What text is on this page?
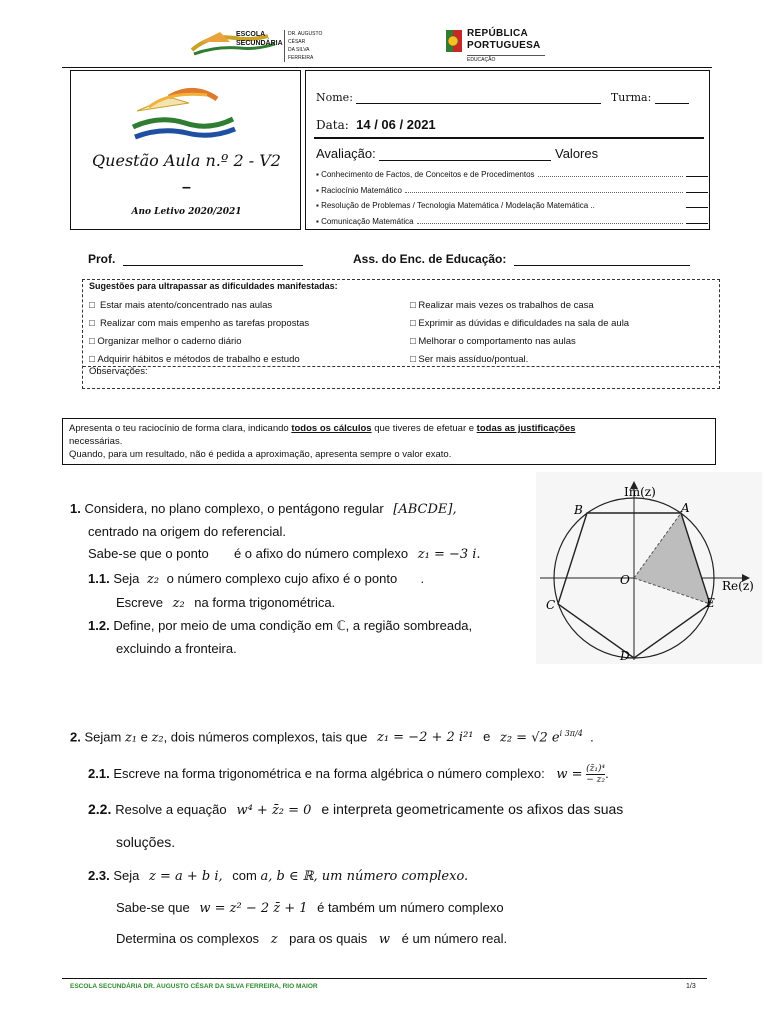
ESCOLA
SECUNDÁRIA
DR. AUGUSTO CÉSAR
DA SILVA FERREIRA
REPÚBLICA
PORTUGUESA
EDUCAÇÃO
Questão Aula n.º 2 - V2
–
Ano Letivo 2020/2021
Nome:	Turma:
Data: 14 / 06 / 2021
Avaliação:	Valores
▪ Conhecimento de Factos, de Conceitos e de Procedimentos
▪ Raciocínio Matemático
▪ Resolução de Problemas / Tecnologia Matemática / Modelação Matemática ..
▪ Comunicação Matemática
Prof.	Ass. do Enc. de Educação:
Sugestões para ultrapassar as dificuldades manifestadas:
□ Estar mais atento/concentrado nas aulas
□ Realizar com mais empenho as tarefas propostas
□ Organizar melhor o caderno diário
□ Adquirir hábitos e métodos de trabalho e estudo
□ Realizar mais vezes os trabalhos de casa
□ Exprimir as dúvidas e dificuldades na sala de aula
□ Melhorar o comportamento nas aulas
□ Ser mais assíduo/pontual.
Observações:
Apresenta o teu raciocínio de forma clara, indicando todos os cálculos que tiveres de efetuar e todas as justificações
necessárias.
Quando, para um resultado, não é pedida a aproximação, apresenta sempre o valor exato.
1. Considera, no plano complexo, o pentágono regular [ABCDE],
centrado na origem do referencial.
Sabe-se que o ponto é o afixo do número complexo z₁ = −3 i.
1.1. Seja z₂ o número complexo cujo afixo é o ponto .
Escreve z₂ na forma trigonométrica.
1.2. Define, por meio de uma condição em ℂ, a região sombreada,
excluindo a fronteira.
Im(z)
Re(z)
O
A
B
C
D
E
2. Sejam z₁ e z₂, dois números complexos, tais que z₁ = −2 + 2 i²¹ e z₂ = √2 $e^{i 3\pi/4}$  .
2.1. Escreve na forma trigonométrica e na forma algébrica o número complexo: $w = \frac{\text{(z̄₁)⁴}}{\text{− z₂}}$ .
2.2. Resolve a equação w⁴ + z̄₂ = 0 e interpreta geometricamente os afixos das suas
soluções.
2.3. Seja z = a + b i, com a, b ∈ ℝ, um número complexo.
Sabe-se que w = z² − 2 z̄ + 1 é também um número complexo
Determina os complexos z para os quais w é um número real.
ESCOLA SECUNDÁRIA DR. AUGUSTO CÉSAR DA SILVA FERREIRA, RIO MAIOR	1/3
